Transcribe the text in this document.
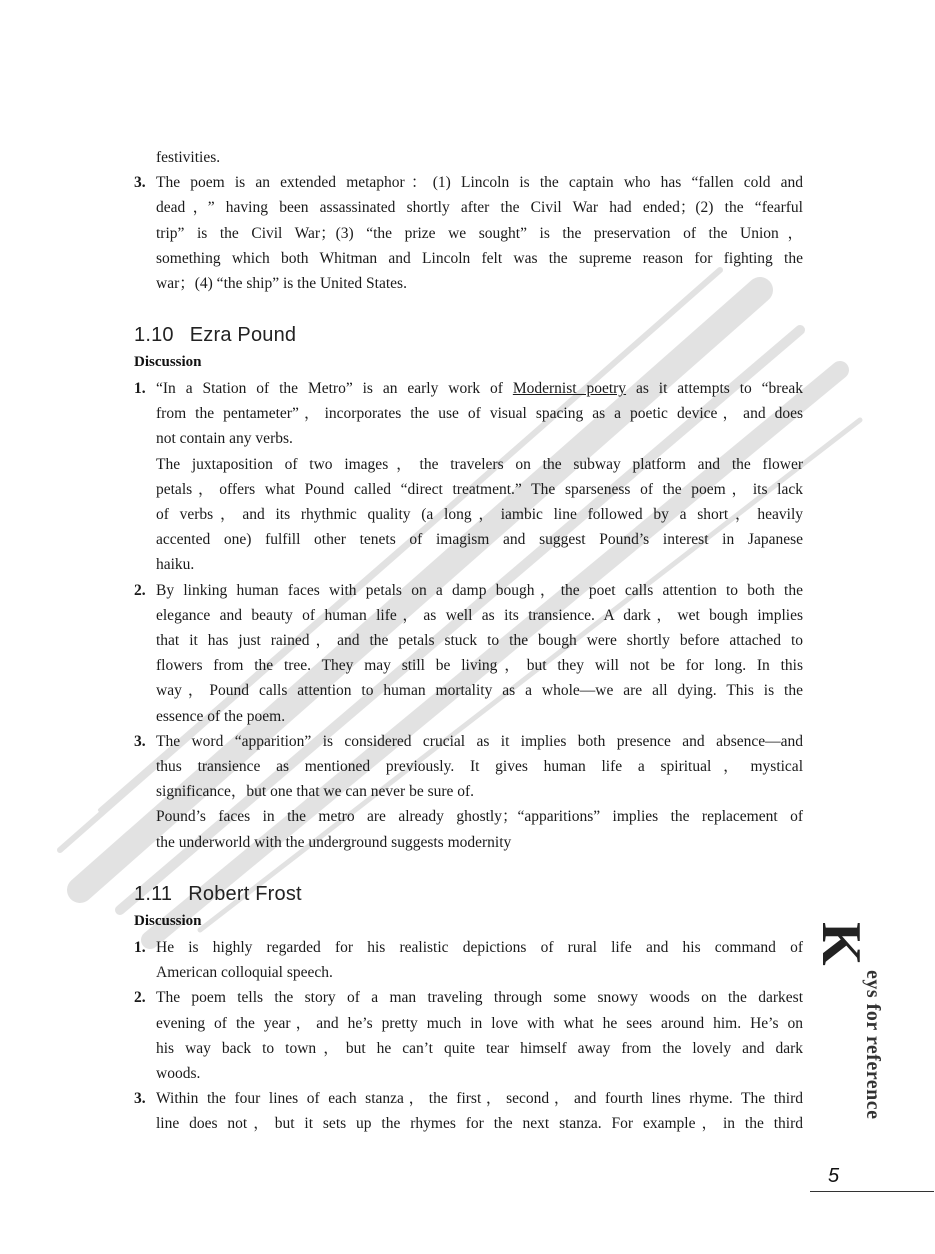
festivities.
3. The poem is an extended metaphor：(1) Lincoln is the captain who has “fallen cold and
dead，” having been assassinated shortly after the Civil War had ended；(2) the “fearful
trip” is the Civil War；(3) “the prize we sought” is the preservation of the Union，
something which both Whitman and Lincoln felt was the supreme reason for fighting the
war；(4) “the ship” is the United States.
1.10 Ezra Pound
Discussion
1. “In a Station of the Metro” is an early work of Modernist poetry as it attempts to “break
from the pentameter”，incorporates the use of visual spacing as a poetic device，and does
not contain any verbs.
The juxtaposition of two images，the travelers on the subway platform and the flower
petals，offers what Pound called “direct treatment.” The sparseness of the poem，its lack
of verbs，and its rhythmic quality (a long，iambic line followed by a short，heavily
accented one) fulfill other tenets of imagism and suggest Pound’s interest in Japanese
haiku.
2. By linking human faces with petals on a damp bough，the poet calls attention to both the
elegance and beauty of human life，as well as its transience. A dark，wet bough implies
that it has just rained，and the petals stuck to the bough were shortly before attached to
flowers from the tree. They may still be living，but they will not be for long. In this
way，Pound calls attention to human mortality as a whole—we are all dying. This is the
essence of the poem.
3. The word “apparition” is considered crucial as it implies both presence and absence—and
thus transience as mentioned previously. It gives human life a spiritual，mystical
significance，but one that we can never be sure of.
Pound’s faces in the metro are already ghostly；“apparitions” implies the replacement of
the underworld with the underground suggests modernity
1.11 Robert Frost
Discussion
1. He is highly regarded for his realistic depictions of rural life and his command of
American colloquial speech.
2. The poem tells the story of a man traveling through some snowy woods on the darkest
evening of the year，and he’s pretty much in love with what he sees around him. He’s on
his way back to town，but he can’t quite tear himself away from the lovely and dark
woods.
3. Within the four lines of each stanza，the first，second，and fourth lines rhyme. The third
line does not，but it sets up the rhymes for the next stanza. For example，in the third
K
eys for reference
5
